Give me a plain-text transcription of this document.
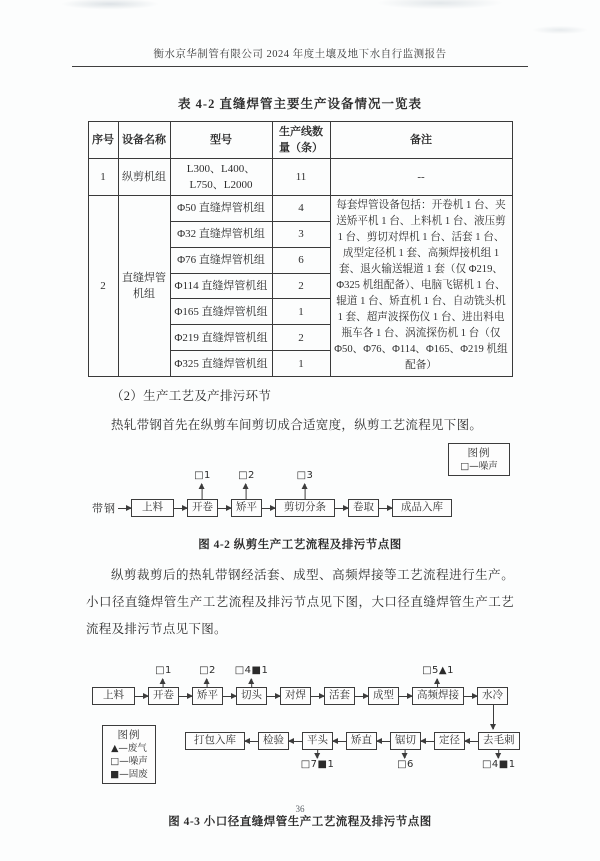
衡水京华制管有限公司 2024 年度土壤及地下水自行监测报告
表 4-2 直缝焊管主要生产设备情况一览表
序号	设备名称	型号	生产线数量（条）	备注
1	纵剪机组	L300、L400、L750、L2000	11	--
2	直缝焊管机组	Φ50 直缝焊管机组	4	每套焊管设备包括：开卷机 1 台、夹送矫平机 1 台、上料机 1 台、液压剪 1 台、剪切对焊机 1 台、活套 1 台、成型定径机 1 套、高频焊接机组 1 套、退火输送辊道 1 套（仅 Φ219、Φ325 机组配备）、电脑飞锯机 1 台、辊道 1 台、矫直机 1 台、自动铣头机 1 套、超声波探伤仪 1 台、进出料电瓶车各 1 台、涡流探伤机 1 台（仅 Φ50、Φ76、Φ114、Φ165、Φ219 机组配备）
		Φ32 直缝焊管机组	3	
		Φ76 直缝焊管机组	6	
		Φ114 直缝焊管机组	2	
		Φ165 直缝焊管机组	1	
		Φ219 直缝焊管机组	2	
		Φ325 直缝焊管机组	1	
（2）生产工艺及产排污环节
热轧带钢首先在纵剪车间剪切成合适宽度，纵剪工艺流程见下图。
图例
□—噪声
带钢	上料	开卷
□1
矫平
□2
剪切分条
□3
卷取	成品入库
图 4-2 纵剪生产工艺流程及排污节点图
纵剪裁剪后的热轧带钢经活套、成型、高频焊接等工艺流程进行生产。小口径直缝焊管生产工艺流程及排污节点见下图，大口径直缝焊管生产工艺流程及排污节点见下图。
上料	开卷
□1
矫平
□2
切头
□4■1
对焊	活套	成型	高频焊接
□5▲1
水冷
图例
▲—废气
□—噪声
■—固废
打包入库	检验	平头
□7■1
矫直	锯切
□6
定径	去毛刺
□4■1
图 4-3 小口径直缝焊管生产工艺流程及排污节点图
36
